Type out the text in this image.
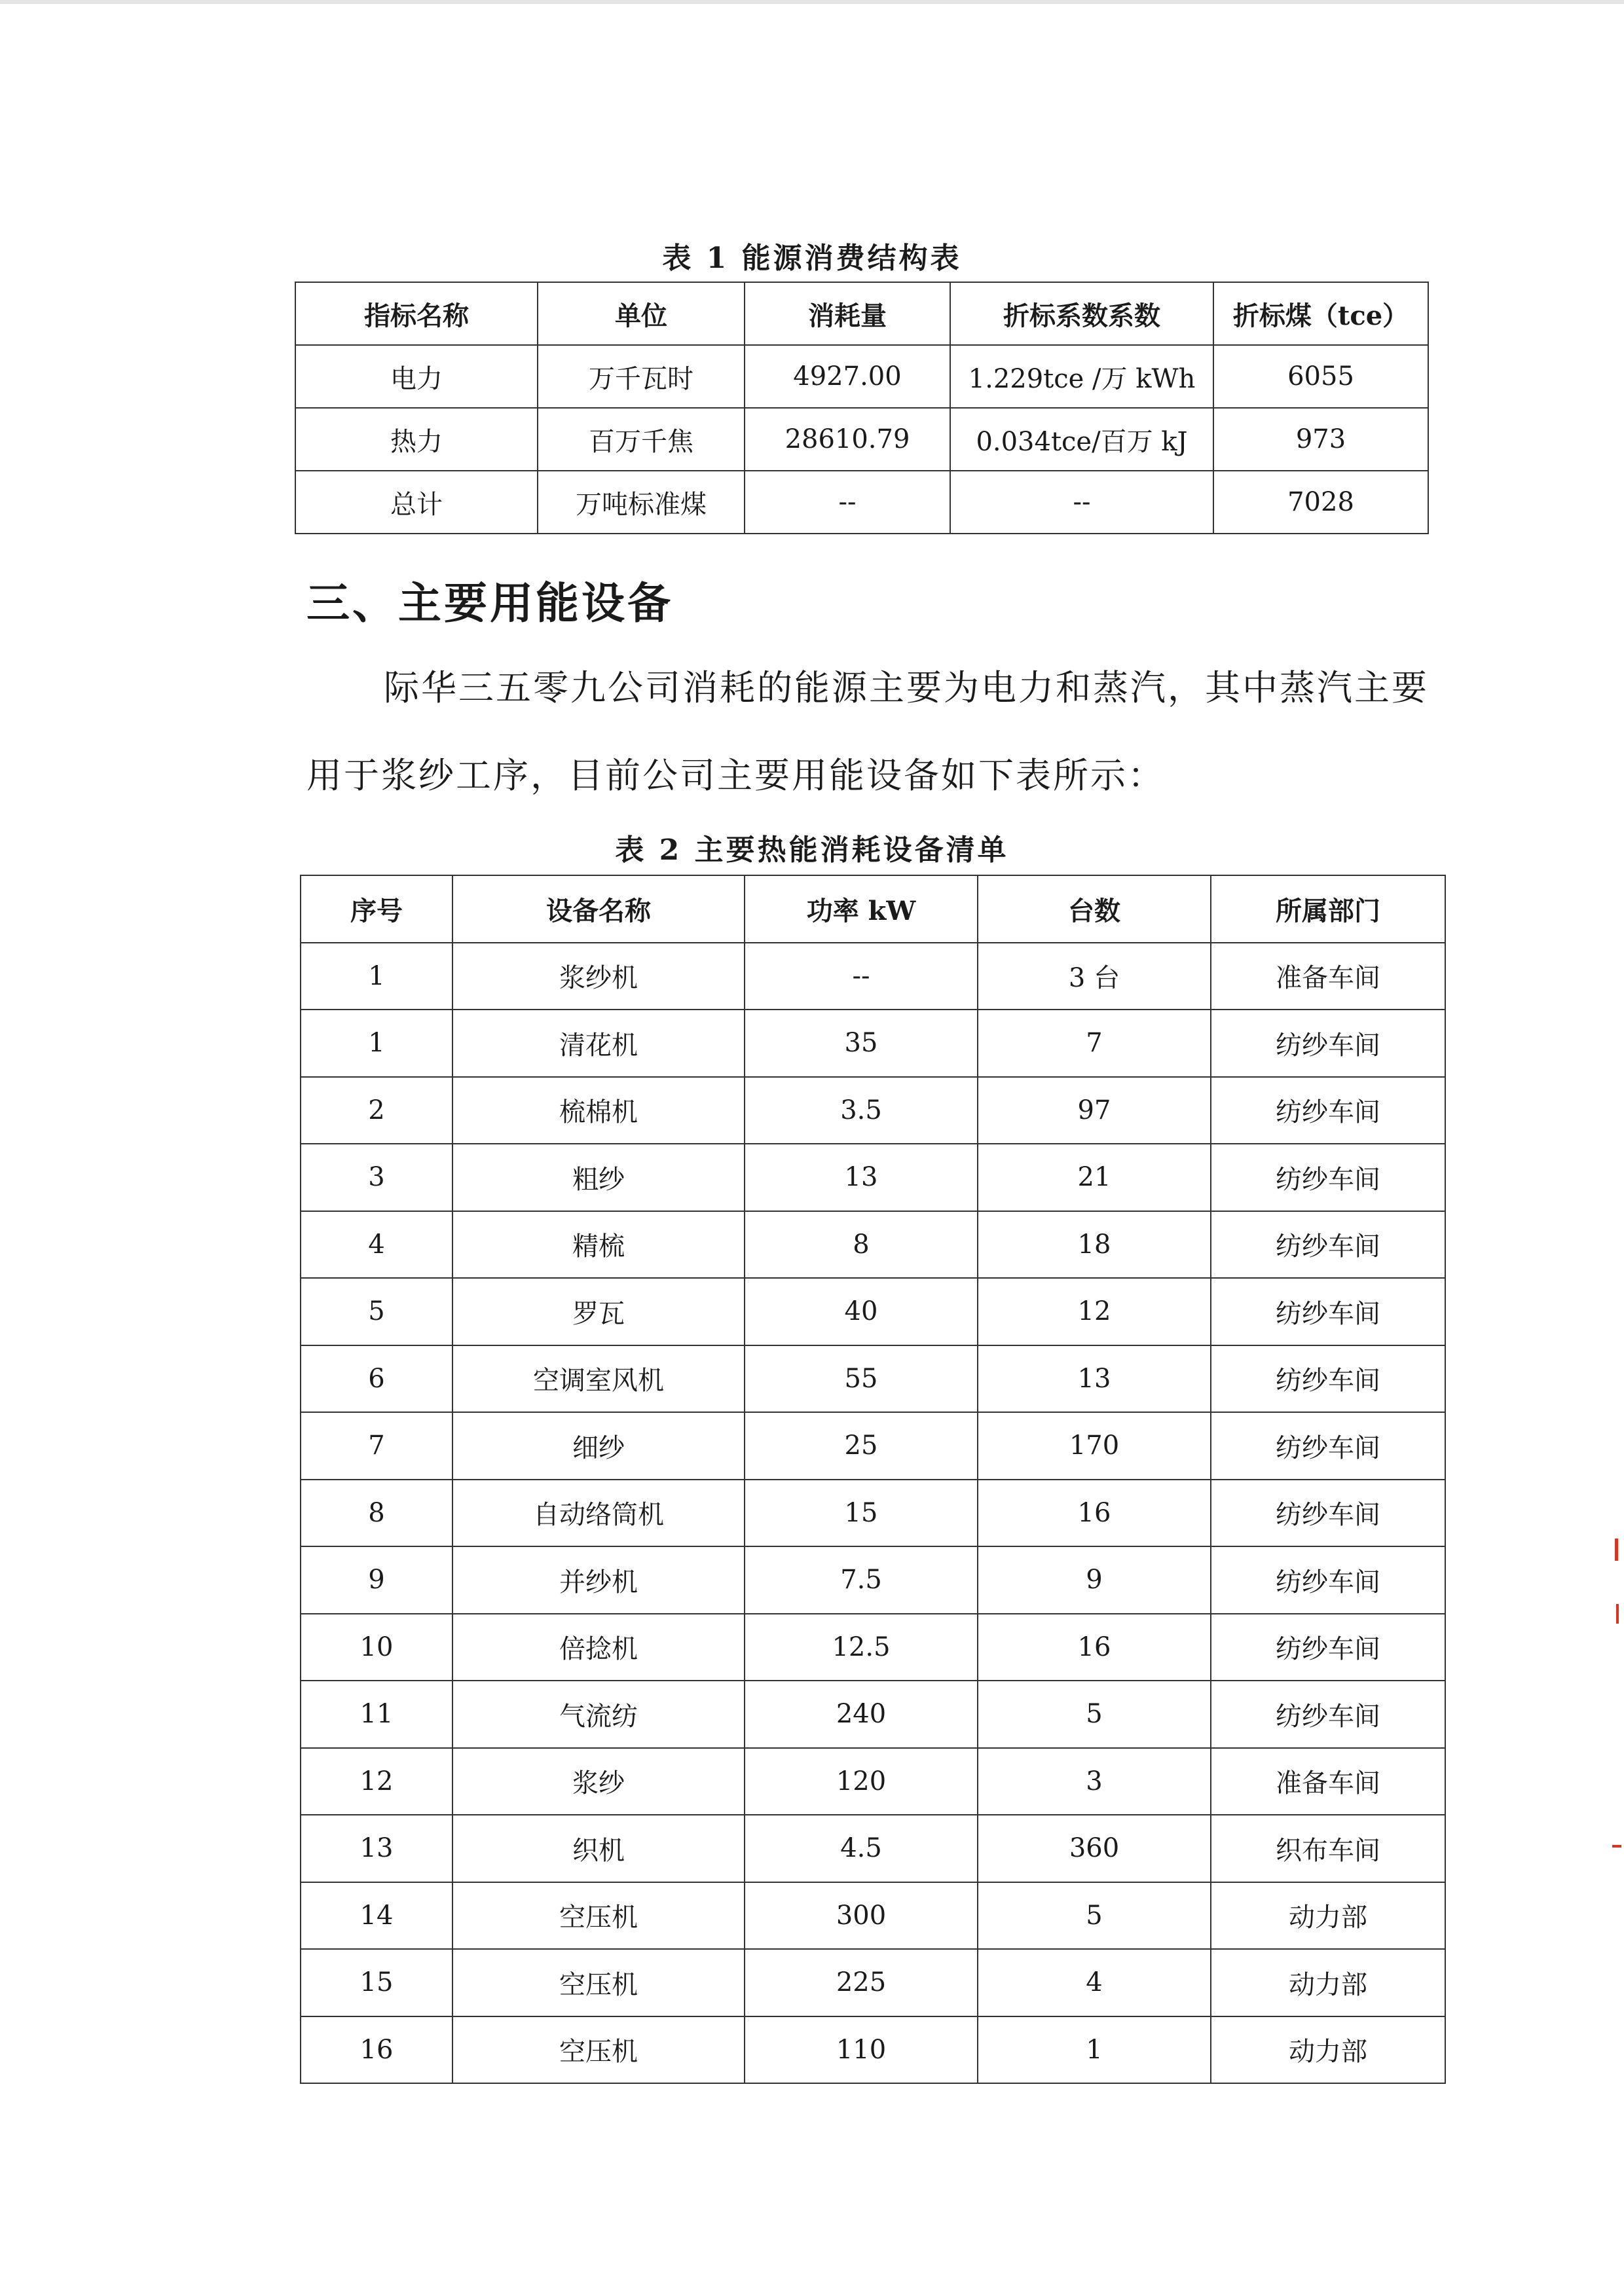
表 1 能源消费结构表
指标名称	单位	消耗量	折标系数系数	折标煤（tce）
电力	万千瓦时	4927.00	1.229tce /万 kWh	6055
热力	百万千焦	28610.79	0.034tce/百万 kJ	973
总计	万吨标准煤	--	--	7028
三、主要用能设备
际华三五零九公司消耗的能源主要为电力和蒸汽，其中蒸汽主要
用于浆纱工序，目前公司主要用能设备如下表所示：
表 2 主要热能消耗设备清单
序号	设备名称	功率 kW	台数	所属部门
1	浆纱机	--	3 台	准备车间
1	清花机	35	7	纺纱车间
2	梳棉机	3.5	97	纺纱车间
3	粗纱	13	21	纺纱车间
4	精梳	8	18	纺纱车间
5	罗瓦	40	12	纺纱车间
6	空调室风机	55	13	纺纱车间
7	细纱	25	170	纺纱车间
8	自动络筒机	15	16	纺纱车间
9	并纱机	7.5	9	纺纱车间
10	倍捻机	12.5	16	纺纱车间
11	气流纺	240	5	纺纱车间
12	浆纱	120	3	准备车间
13	织机	4.5	360	织布车间
14	空压机	300	5	动力部
15	空压机	225	4	动力部
16	空压机	110	1	动力部
